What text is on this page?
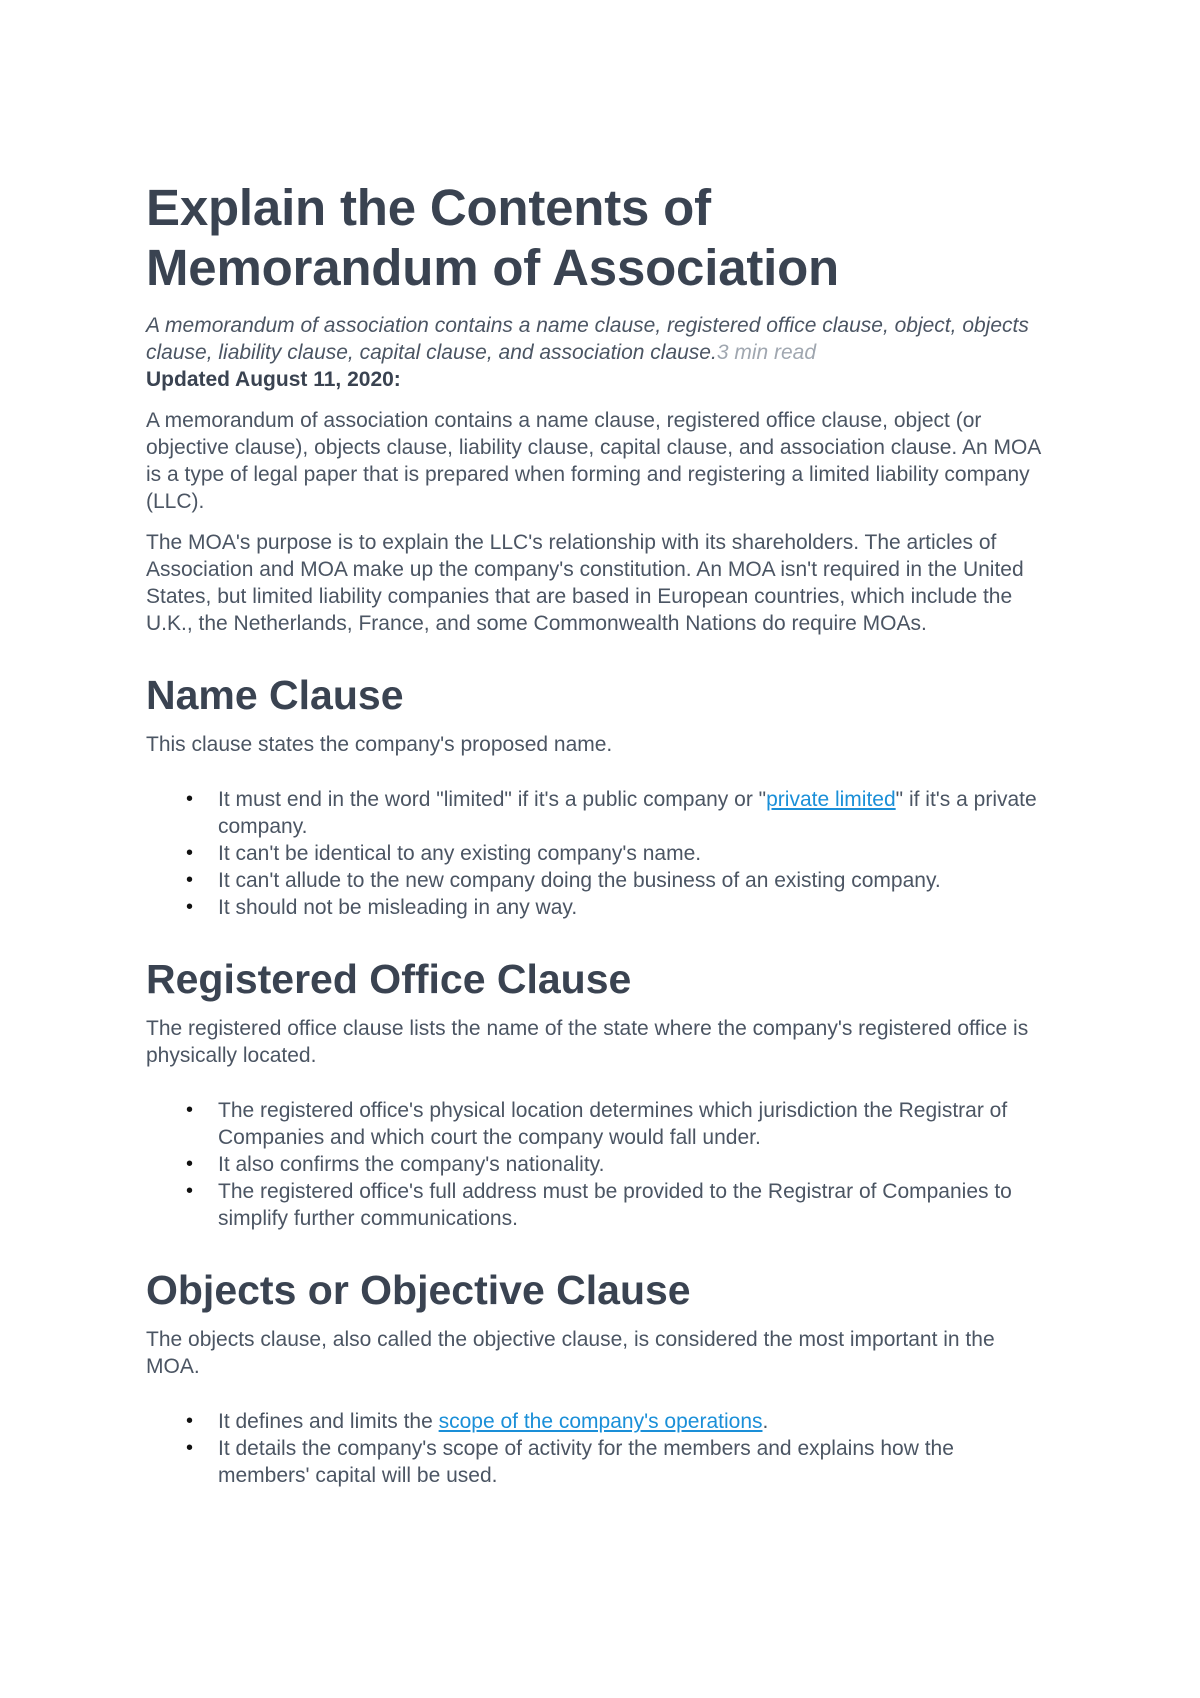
Explain the Contents of Memorandum of Association

A memorandum of association contains a name clause, registered office clause, object, objects clause, liability clause, capital clause, and association clause.3 min read

Updated August 11, 2020:

A memorandum of association contains a name clause, registered office clause, object (or objective clause), objects clause, liability clause, capital clause, and association clause. An MOA is a type of legal paper that is prepared when forming and registering a limited liability company (LLC).

The MOA's purpose is to explain the LLC's relationship with its shareholders. The articles of Association and MOA make up the company's constitution. An MOA isn't required in the United States, but limited liability companies that are based in European countries, which include the U.K., the Netherlands, France, and some Commonwealth Nations do require MOAs.

Name Clause

This clause states the company's proposed name.

• It must end in the word "limited" if it's a public company or "private limited" if it's a private company.
• It can't be identical to any existing company's name.
• It can't allude to the new company doing the business of an existing company.
• It should not be misleading in any way.
Registered Office Clause

The registered office clause lists the name of the state where the company's registered office is physically located.

• The registered office's physical location determines which jurisdiction the Registrar of Companies and which court the company would fall under.
• It also confirms the company's nationality.
• The registered office's full address must be provided to the Registrar of Companies to simplify further communications.
Objects or Objective Clause

The objects clause, also called the objective clause, is considered the most important in the MOA.

• It defines and limits the scope of the company's operations.
• It details the company's scope of activity for the members and explains how the members' capital will be used.
